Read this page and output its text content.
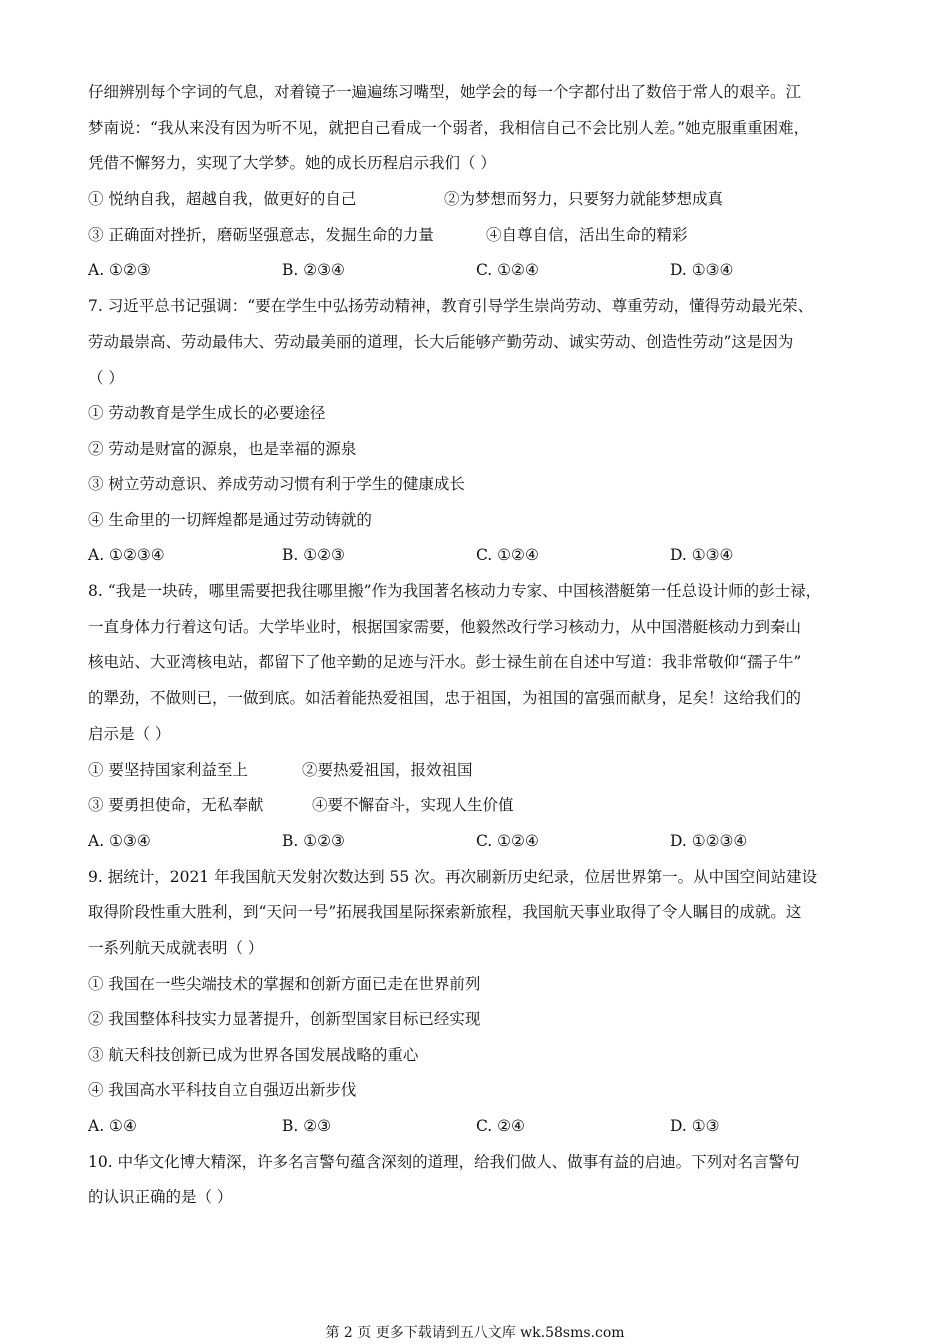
仔细辨别每个字词的气息，对着镜子一遍遍练习嘴型，她学会的每一个字都付出了数倍于常人的艰辛。江
梦南说：“我从来没有因为听不见，就把自己看成一个弱者，我相信自己不会比别人差。”她克服重重困难，
凭借不懈努力，实现了大学梦。她的成长历程启示我们（ ）
① 悦纳自我，超越自我，做更好的自己	②为梦想而努力，只要努力就能梦想成真
③ 正确面对挫折，磨砺坚强意志，发掘生命的力量	④自尊自信，活出生命的精彩
A. ①②③	B. ②③④	C. ①②④	D. ①③④
7. 习近平总书记强调：“要在学生中弘扬劳动精神，教育引导学生崇尚劳动、尊重劳动，懂得劳动最光荣、
劳动最崇高、劳动最伟大、劳动最美丽的道理，长大后能够产勤劳动、诚实劳动、创造性劳动”这是因为
（ ）
① 劳动教育是学生成长的必要途径
② 劳动是财富的源泉，也是幸福的源泉
③ 树立劳动意识、养成劳动习惯有利于学生的健康成长
④ 生命里的一切辉煌都是通过劳动铸就的
A. ①②③④	B. ①②③	C. ①②④	D. ①③④
8. “我是一块砖，哪里需要把我往哪里搬”作为我国著名核动力专家、中国核潜艇第一任总设计师的彭士禄，
一直身体力行着这句话。大学毕业时，根据国家需要，他毅然改行学习核动力，从中国潜艇核动力到秦山
核电站、大亚湾核电站，都留下了他辛勤的足迹与汗水。彭士禄生前在自述中写道：我非常敬仰“孺子牛”
的犟劲，不做则已，一做到底。如活着能热爱祖国，忠于祖国，为祖国的富强而献身，足矣！这给我们的
启示是（ ）
① 要坚持国家利益至上	②要热爱祖国，报效祖国
③ 要勇担使命，无私奉献	④要不懈奋斗，实现人生价值
A. ①③④	B. ①②③	C. ①②④	D. ①②③④
9. 据统计，2021 年我国航天发射次数达到 55 次。再次刷新历史纪录，位居世界第一。从中国空间站建设
取得阶段性重大胜利，到“天问一号”拓展我国星际探索新旅程，我国航天事业取得了令人瞩目的成就。这
一系列航天成就表明（ ）
① 我国在一些尖端技术的掌握和创新方面已走在世界前列
② 我国整体科技实力显著提升，创新型国家目标已经实现
③ 航天科技创新已成为世界各国发展战略的重心
④ 我国高水平科技自立自强迈出新步伐
A. ①④	B. ②③	C. ②④	D. ①③
10. 中华文化博大精深，许多名言警句蕴含深刻的道理，给我们做人、做事有益的启迪。下列对名言警句
的认识正确的是（ ）
第 2 页 更多下载请到五八文库 wk.58sms.com
